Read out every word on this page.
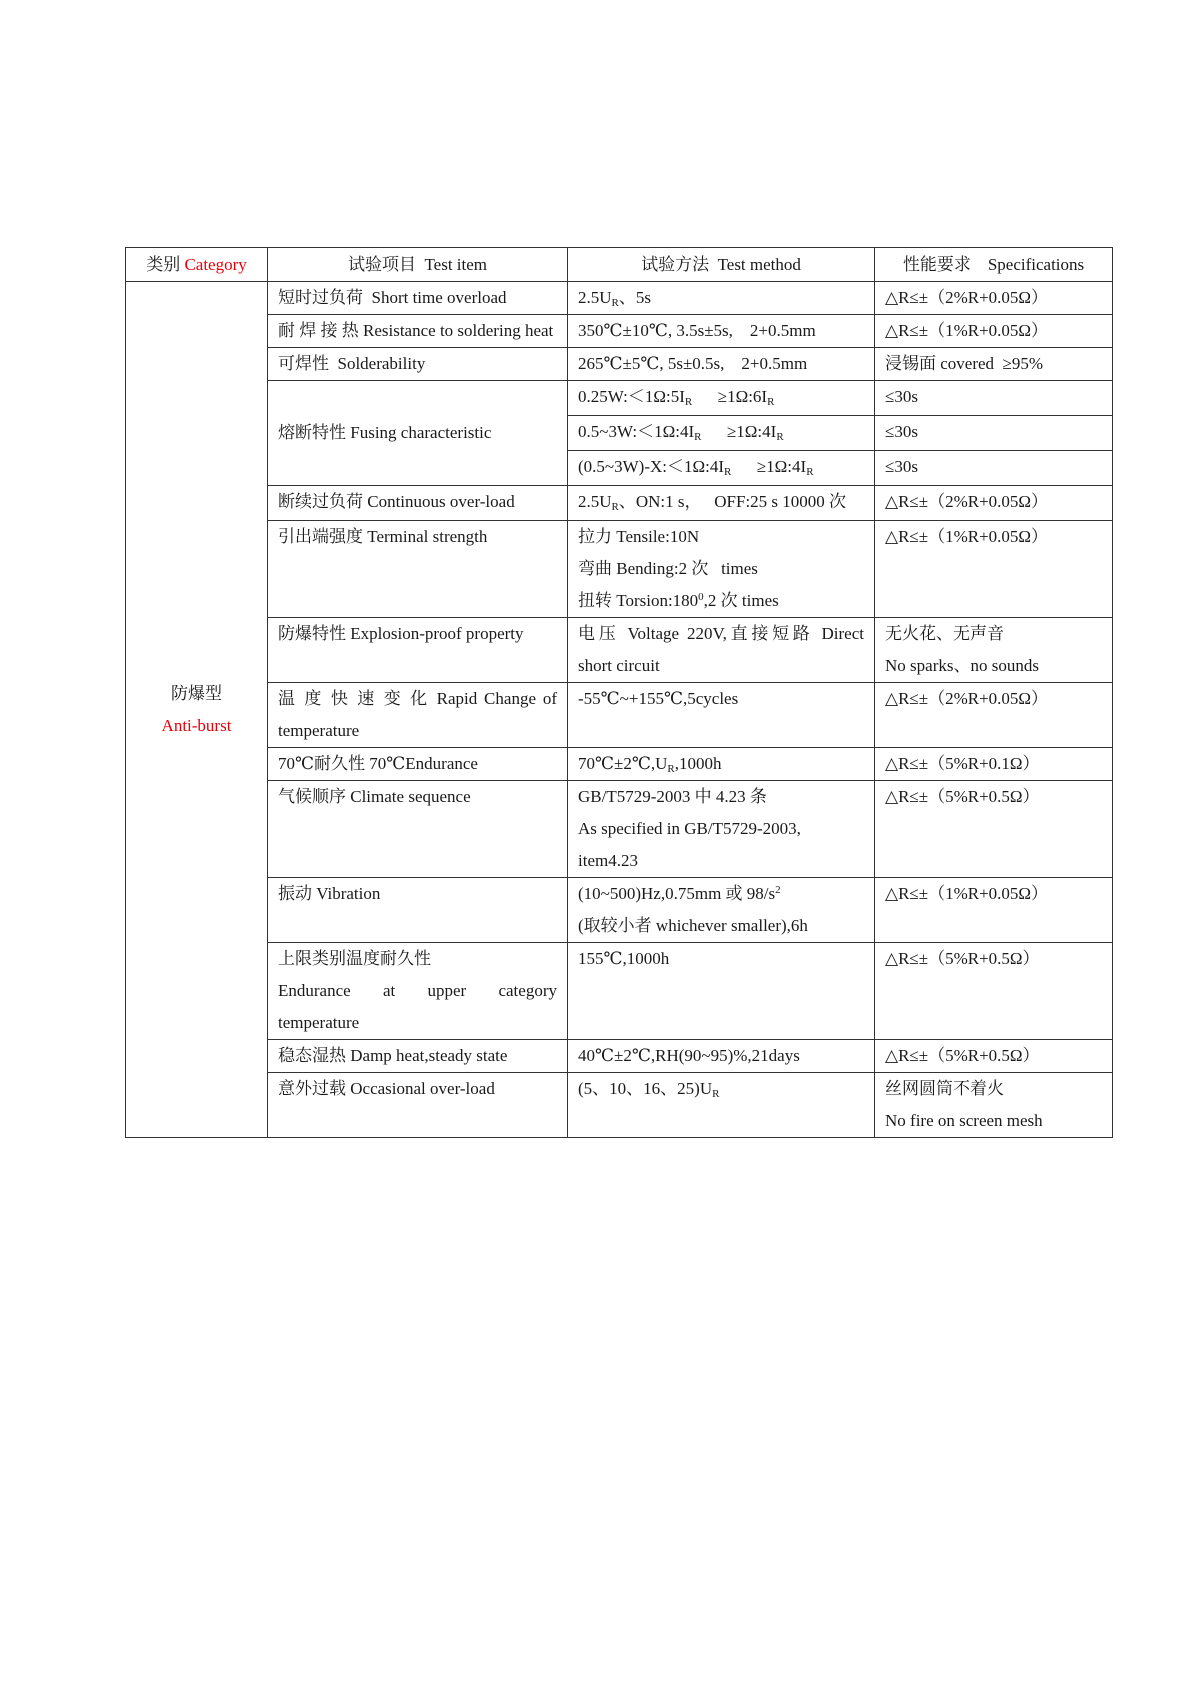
类别 Category	试验项目  Test item	试验方法  Test method	性能要求    Specifications

防爆型
Anti-burst	短时过负荷  Short time overload	$2.5U_R$、5s	△R≤±（2%R+0.05Ω）
	耐 焊 接 热 Resistance to soldering heat	350℃±10℃, 3.5s±5s,    2+0.5mm	△R≤±（1%R+0.05Ω）
	可焊性  Solderability	265℃±5℃, 5s±0.5s,    2+0.5mm	浸锡面 covered  ≥95%
	熔断特性 Fusing characteristic	$0.25W:<1\Omega:5I_R$      $\ge 1\Omega:6I_R$	≤30s
		$0.5\sim 3W:<1\Omega:4I_R$      $\ge 1\Omega:4I_R$	≤30s
		$(0.5\sim 3W)-X:<1\Omega:4I_R$      $\ge 1\Omega:4I_R$	≤30s
	断续过负荷 Continuous over-load	$2.5U_R$、ON:1 s，   OFF:25 s 10000 次	△R≤±（2%R+0.05Ω）
	引出端强度 Terminal strength	拉力 Tensile:10N
弯曲 Bending:2 次   times
扭转 $Torsion:180^0,2$ 次 times	△R≤±（1%R+0.05Ω）
	防爆特性 Explosion-proof property	电压 Voltage 220V,直接短路 Direct short circuit	无火花、无声音
No sparks、no sounds

	温 度 快 速 变 化 Rapid Change of temperature	-55℃~+155℃,5cycles	△R≤±（2%R+0.05Ω）
	70℃耐久性 70℃Endurance	$70℃\pm 2℃,U_R,1000h$	△R≤±（5%R+0.1Ω）
	气候顺序 Climate sequence	GB/T5729-2003 中 4.23 条
As specified in GB/T5729-2003, item4.23	△R≤±（5%R+0.5Ω）
	振动 Vibration	(10~500)Hz,0.75mm 或 $98/s^2$
(取较小者 whichever smaller),6h	△R≤±（1%R+0.05Ω）

	上限类别温度耐久性
Endurance at upper category temperature	155℃,1000h	△R≤±（5%R+0.5Ω）
	稳态湿热 Damp heat,steady state	40℃±2℃,RH(90~95)%,21days	△R≤±（5%R+0.5Ω）
	意外过载 Occasional over-load	(5、10、16、$25)U_R$	丝网圆筒不着火
No fire on screen mesh
